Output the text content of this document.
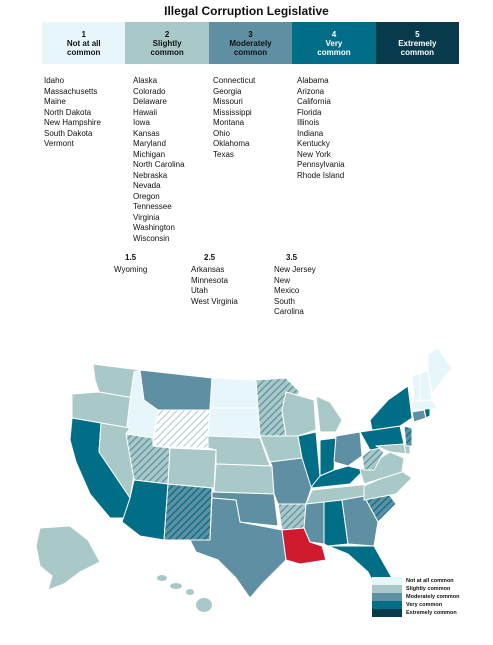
Illegal Corruption Legislative
1
Not at all
common
2
Slightly
common
3
Moderately
common
4
Very
common
5
Extremely
common
Idaho
Massachusetts
Maine
North Dakota
New Hampshire
South Dakota
Vermont
Alaska
Colorado
Delaware
Hawaii
Iowa
Kansas
Maryland
Michigan
North Carolina
Nebraska
Nevada
Oregon
Tennessee
Virginia
Washington
Wisconsin
Connecticut
Georgia
Missouri
Mississippi
Montana
Ohio
Oklahoma
Texas
Alabama
Arizona
California
Florida
Illinois
Indiana
Kentucky
New York
Pennsylvania
Rhode Island
1.5
Wyoming
2.5
Arkansas
Minnesota
Utah
West Virginia
3.5
New Jersey
New
Mexico
South
Carolina
Not at all common
Slightly common
Moderately common
Very common
Extremely common
